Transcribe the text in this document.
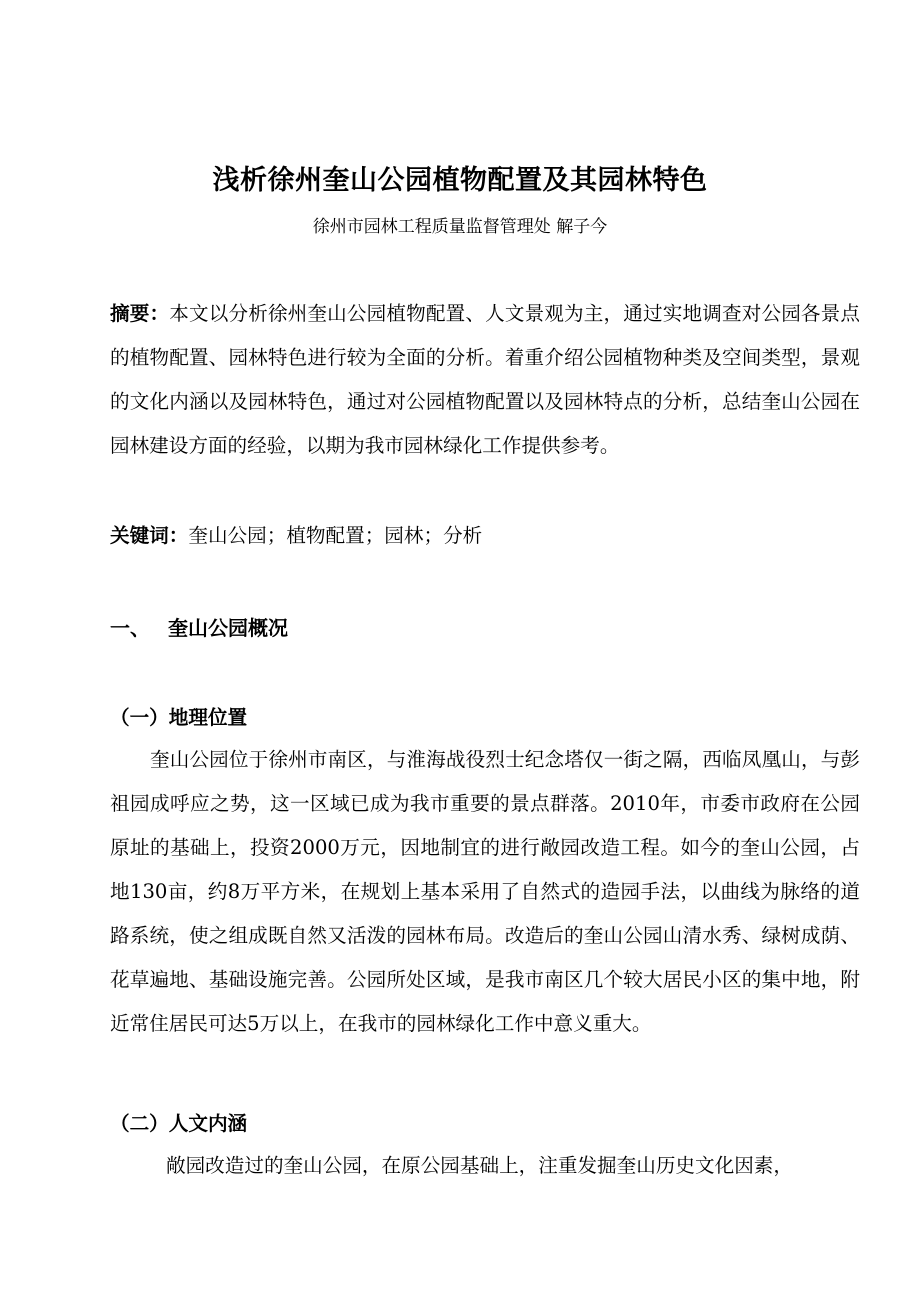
浅析徐州奎山公园植物配置及其园林特色
徐州市园林工程质量监督管理处 解子今
摘要：本文以分析徐州奎山公园植物配置、人文景观为主，通过实地调查对公园各景点的植物配置、园林特色进行较为全面的分析。着重介绍公园植物种类及空间类型，景观的文化内涵以及园林特色，通过对公园植物配置以及园林特点的分析，总结奎山公园在园林建设方面的经验，以期为我市园林绿化工作提供参考。
关键词：奎山公园；植物配置；园林；分析
一、 奎山公园概况
（一）地理位置
奎山公园位于徐州市南区，与淮海战役烈士纪念塔仅一街之隔，西临凤凰山，与彭祖园成呼应之势，这一区域已成为我市重要的景点群落。2010年，市委市政府在公园原址的基础上，投资2000万元，因地制宜的进行敞园改造工程。如今的奎山公园，占地130亩，约8万平方米，在规划上基本采用了自然式的造园手法，以曲线为脉络的道路系统，使之组成既自然又活泼的园林布局。改造后的奎山公园山清水秀、绿树成荫、花草遍地、基础设施完善。公园所处区域，是我市南区几个较大居民小区的集中地，附近常住居民可达5万以上，在我市的园林绿化工作中意义重大。
（二）人文内涵
敞园改造过的奎山公园，在原公园基础上，注重发掘奎山历史文化因素，
